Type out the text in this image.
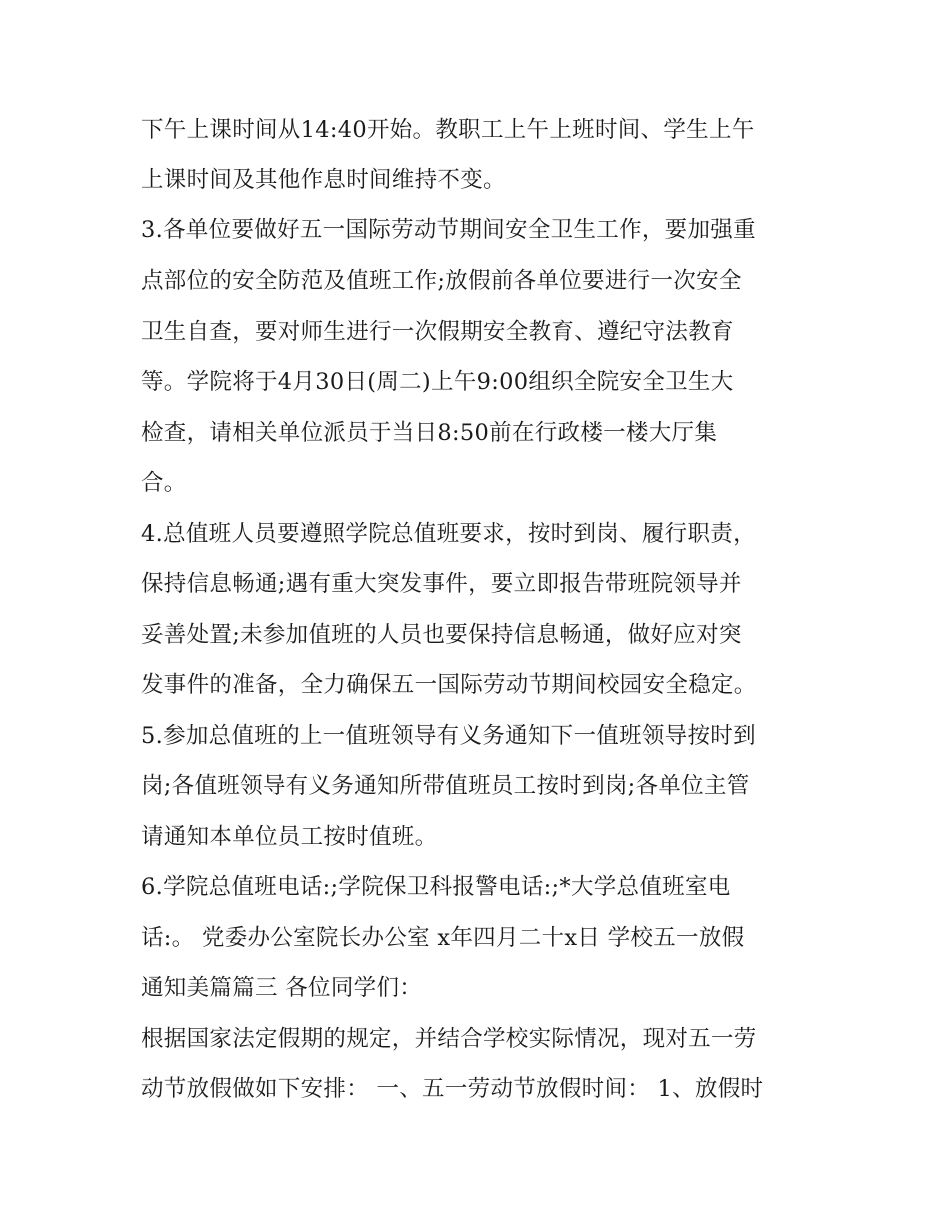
下午上课时间从14:40开始。教职工上午上班时间、学生上午
上课时间及其他作息时间维持不变。
3.各单位要做好五一国际劳动节期间安全卫生工作，要加强重
点部位的安全防范及值班工作;放假前各单位要进行一次安全
卫生自查，要对师生进行一次假期安全教育、遵纪守法教育
等。学院将于4月30日(周二)上午9:00组织全院安全卫生大
检查，请相关单位派员于当日8:50前在行政楼一楼大厅集
合。
4.总值班人员要遵照学院总值班要求，按时到岗、履行职责，
保持信息畅通;遇有重大突发事件，要立即报告带班院领导并
妥善处置;未参加值班的人员也要保持信息畅通，做好应对突
发事件的准备，全力确保五一国际劳动节期间校园安全稳定。
5.参加总值班的上一值班领导有义务通知下一值班领导按时到
岗;各值班领导有义务通知所带值班员工按时到岗;各单位主管
请通知本单位员工按时值班。
6.学院总值班电话:;学院保卫科报警电话:;*大学总值班室电
话:。 党委办公室院长办公室 x年四月二十x日 学校五一放假
通知美篇篇三 各位同学们：
根据国家法定假期的规定，并结合学校实际情况，现对五一劳
动节放假做如下安排： 一、五一劳动节放假时间： 1、放假时
